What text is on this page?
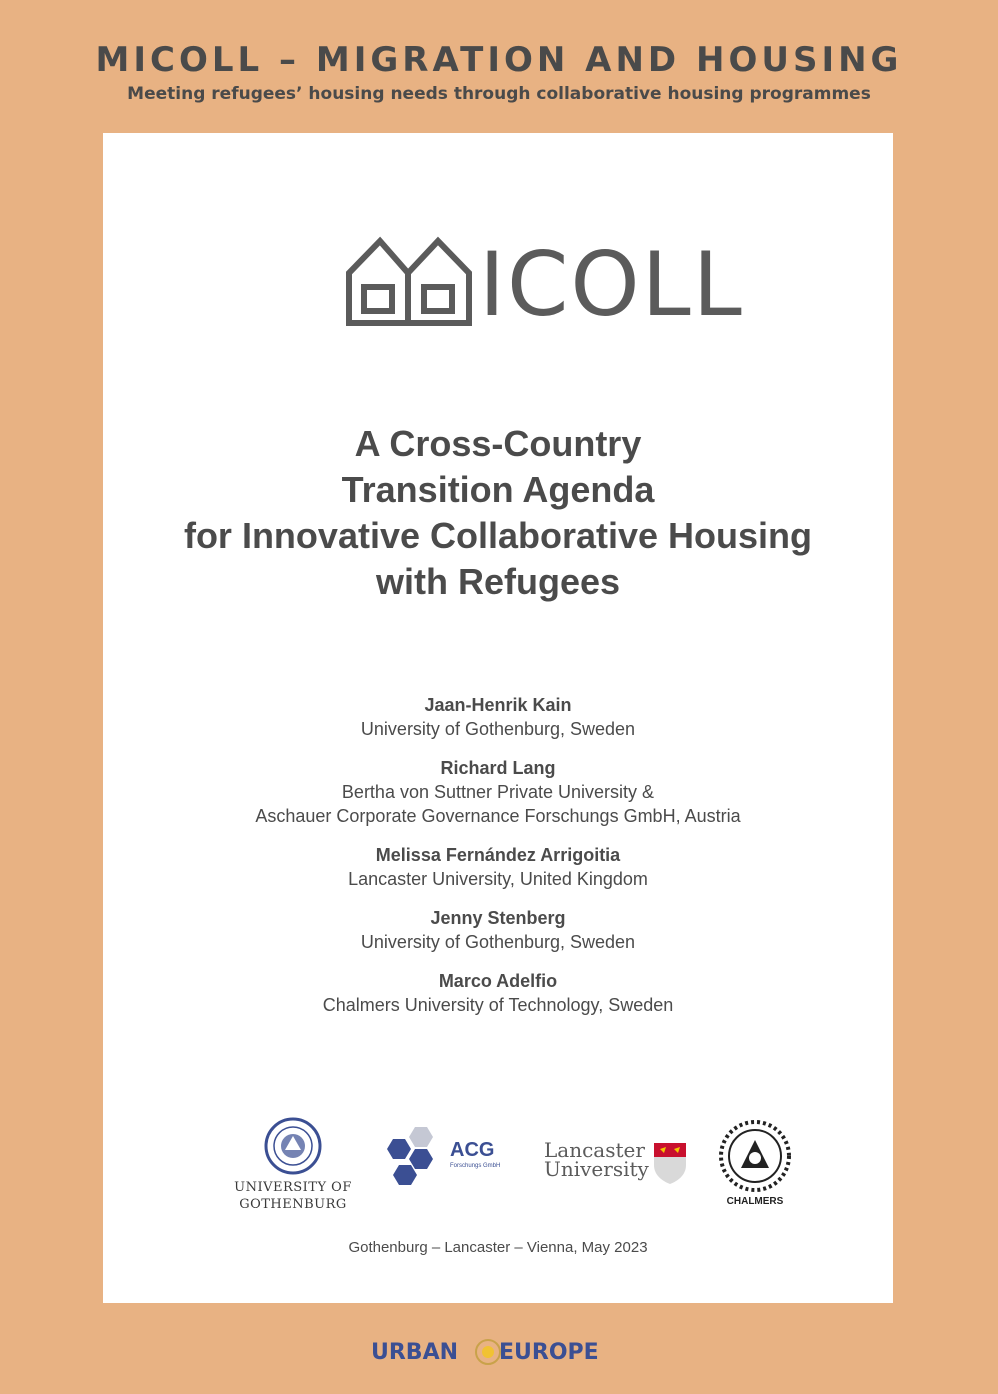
MICOLL – MIGRATION AND HOUSING
Meeting refugees’ housing needs through collaborative housing programmes
ICOLL
A Cross-Country
Transition Agenda
for Innovative Collaborative Housing
with Refugees
Jaan-Henrik Kain
University of Gothenburg, Sweden
Richard Lang
Bertha von Suttner Private University &
Aschauer Corporate Governance Forschungs GmbH, Austria
Melissa Fernández Arrigoitia
Lancaster University, United Kingdom
Jenny Stenberg
University of Gothenburg, Sweden
Marco Adelfio
Chalmers University of Technology, Sweden
UNIVERSITY OF
GOTHENBURG
ACG
Forschungs GmbH
Lancaster
University
CHALMERS
Gothenburg – Lancaster – Vienna, May 2023
URBAN EUROPE
